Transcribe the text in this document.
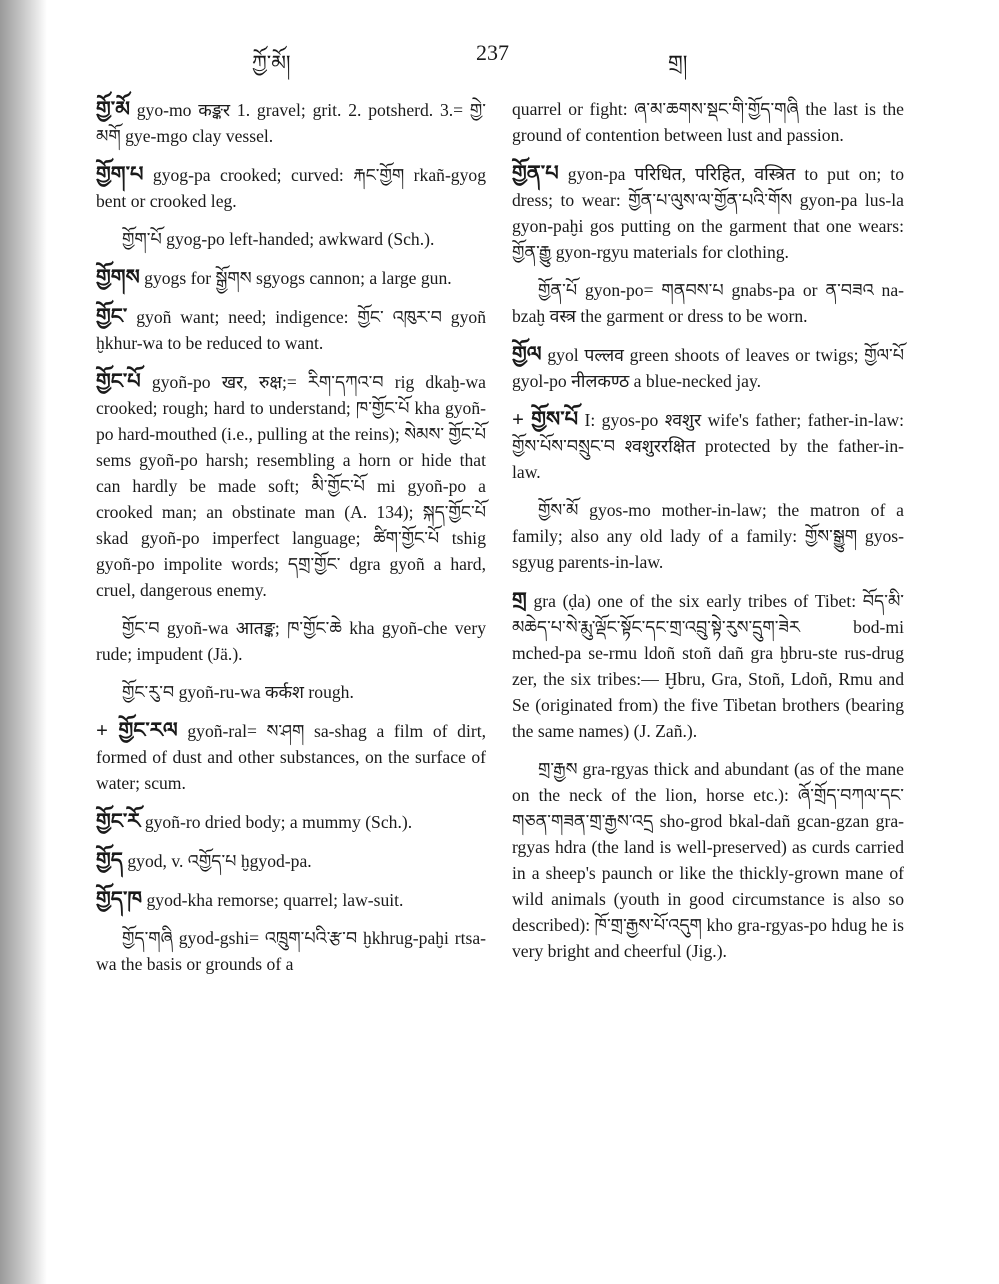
ཀྱོ་མོ།	237	གྲ།

གྱོ་མོ gyo-mo कङ्कर 1. gravel; grit. 2. potsherd. 3.= གྱེ་མགོ gye-mgo clay vessel.

གྱོག་པ gyog-pa crooked; curved: རྐང་གྱོག rkañ-gyog bent or crooked leg.

གྱོག་པོ gyog-po left-handed; awkward (Sch.).

གྱོགས gyogs for སྒྱོགས sgyogs cannon; a large gun.

གྱོང་ gyoñ want; need; indigence: གྱོང་ འཁུར་བ gyoñ ḫkhur-wa to be reduced to want.

གྱོང་པོ gyoñ-po खर, रुक्ष;= རིག་དཀའ་བ rig dkaḫ-wa crooked; rough; hard to understand; ཁ་གྱོང་པོ kha gyoñ-po hard-mouthed (i.e., pulling at the reins); སེམས་ གྱོང་པོ sems gyoñ-po harsh; resembling a horn or hide that can hardly be made soft; མི་གྱོང་པོ mi gyoñ-po a crooked man; an obstinate man (A. 134); སྐད་གྱོང་པོ skad gyoñ-po imperfect language; ཚིག་གྱོང་པོ tshig gyoñ-po impolite words; དགྲ་གྱོང་ dgra gyoñ a hard, cruel, dangerous enemy.

གྱོང་བ gyoñ-wa आतङ्क; ཁ་གྱོང་ཆེ kha gyoñ-che very rude; impudent (Jä.).

གྱོང་རུ་བ gyoñ-ru-wa कर्कश rough.

+ གྱོང་རལ gyoñ-ral= ས་ཤག sa-shag a film of dirt, formed of dust and other substances, on the surface of water; scum.

གྱོང་རོ gyoñ-ro dried body; a mummy (Sch.).

གྱོད gyod, v. འགྱོད་པ ḫgyod-pa.

གྱོད་ཁ gyod-kha remorse; quarrel; law-suit.

གྱོད་གཞི gyod-gshi= འཁྲུག་པའི་རྩ་བ ḫkhrug-paḫi rtsa-wa the basis or grounds of a

quarrel or fight: ཞ་མ་ཆགས་སྡང་གི་གྱོད་གཞི the last is the ground of contention between lust and passion.

གྱོན་པ gyon-pa परिधित, परिहित, वस्त्रित to put on; to dress; to wear: གྱོན་པ་ལུས་ལ་གྱོན་པའི་གོས gyon-pa lus-la gyon-paḫi gos putting on the garment that one wears: གྱོན་རྒྱུ gyon-rgyu materials for clothing.

གྱོན་པོ gyon-po= གནབས་པ gnabs-pa or ན་བཟའ na-bzaḫ वस्त्र the garment or dress to be worn.

གྱོལ gyol पल्लव green shoots of leaves or twigs; གྱོལ་པོ gyol-po नीलकण्ठ a blue-necked jay.

+ གྱོས་པོ I: gyos-po श्वशुर wife's father; father-in-law: གྱོས་པོས་བསྲུང་བ श्वशुररक्षित protected by the father-in-law.

གྱོས་མོ gyos-mo mother-in-law; the matron of a family; also any old lady of a family: གྱོས་སྒྱུག gyos-sgyug parents-in-law.

གྲ gra (ḍa) one of the six early tribes of Tibet: བོད་མི་མཆེད་པ་སེ་རྨུ་ལྡོང་སྟོང་དང་གྲ་འབྲུ་སྟེ་རུས་དྲུག་ཟེར bod-mi mched-pa se-rmu ldoñ stoñ dañ gra ḫbru-ste rus-drug zer, the six tribes:— Ḫbru, Gra, Stoñ, Ldoñ, Rmu and Se (originated from) the five Tibetan brothers (bearing the same names) (J. Zañ.).

གྲ་རྒྱས gra-rgyas thick and abundant (as of the mane on the neck of the lion, horse etc.): ཞོ་གྲོད་བཀལ་དང་གཅན་གཟན་གྲ་རྒྱས་འདྲ sho-grod bkal-dañ gcan-gzan gra-rgyas hdra (the land is well-preserved) as curds carried in a sheep's paunch or like the thickly-grown mane of wild animals (youth in good circumstance is also so described): ཁོ་གྲ་རྒྱས་པོ་འདུག kho gra-rgyas-po hdug he is very bright and cheerful (Jig.).
